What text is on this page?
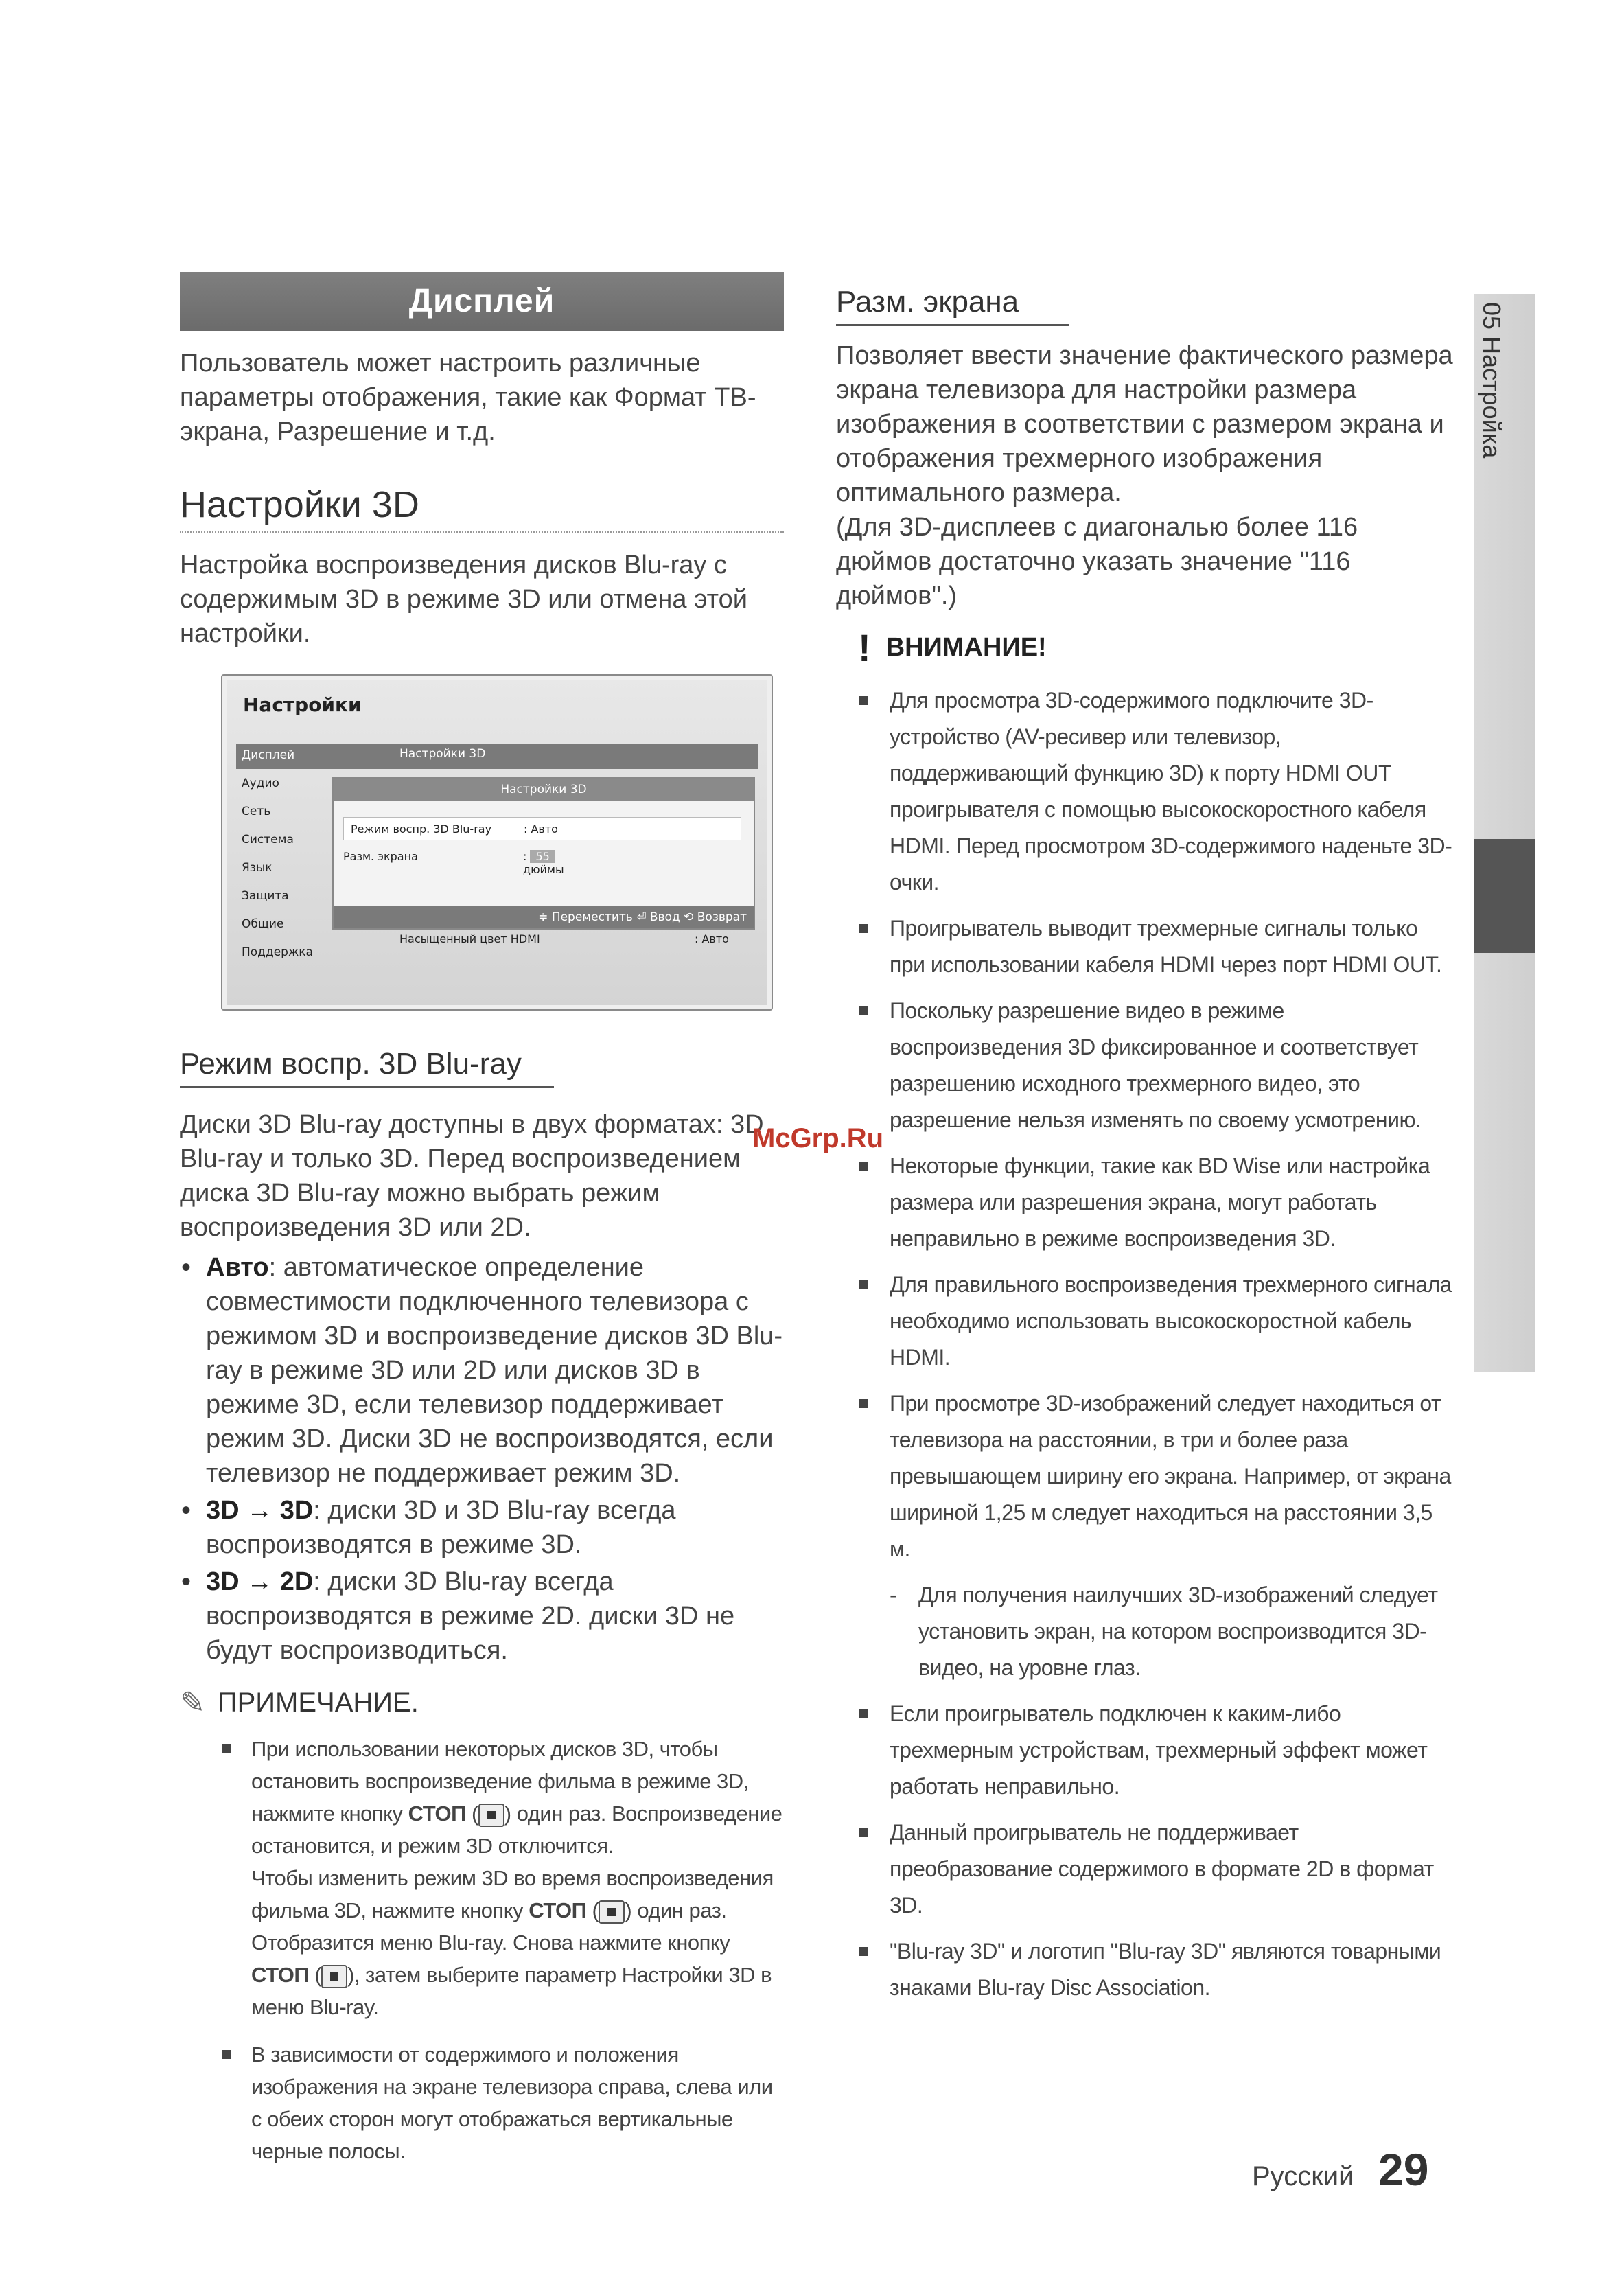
05 Настройка
Дисплей
Пользователь может настроить различные параметры отображения, такие как Формат ТВ-экрана, Разрешение и т.д.
Настройки 3D
Настройка воспроизведения дисков Blu-ray с содержимым 3D в режиме 3D или отмена этой настройки.
Настройки
Дисплей
Аудио
Сеть
Система
Язык
Защита
Общие
Поддержка
Настройки 3D
Настройки 3D
Режим воспр. 3D Blu-ray	: Авто
Разм. экрана	: 55дюймы
≑ Переместить ⏎ Ввод ⟲ Возврат
Насыщенный цвет HDMI	: Авто
Режим воспр. 3D Blu-ray
Диски 3D Blu-ray доступны в двух форматах: 3D Blu-ray и только 3D. Перед воспроизведением диска 3D Blu-ray можно выбрать режим воспроизведения 3D или 2D.
• Авто: автоматическое определение совместимости подключенного телевизора с режимом 3D и воспроизведение дисков 3D Blu-ray в режиме 3D или 2D или дисков 3D в режиме 3D, если телевизор поддерживает режим 3D. Диски 3D не воспроизводятся, если телевизор не поддерживает режим 3D.
• 3D → 3D: диски 3D и 3D Blu-ray всегда воспроизводятся в режиме 3D.
• 3D → 2D: диски 3D Blu-ray всегда воспроизводятся в режиме 2D. диски 3D не будут воспроизводиться.
✎ ПРИМЕЧАНИЕ.
При использовании некоторых дисков 3D, чтобы остановить воспроизведение фильма в режиме 3D, нажмите кнопку СТОП ( ) один раз. Воспроизведение остановится, и режим 3D отключится.
Чтобы изменить режим 3D во время воспроизведения фильма 3D, нажмите кнопку СТОП ( ) один раз. Отобразится меню Blu-ray. Снова нажмите кнопку СТОП ( ), затем выберите параметр Настройки 3D в меню Blu-ray.
В зависимости от содержимого и положения изображения на экране телевизора справа, слева или с обеих сторон могут отображаться вертикальные черные полосы.
Разм. экрана
Позволяет ввести значение фактического размера экрана телевизора для настройки размера изображения в соответствии с размером экрана и отображения трехмерного изображения оптимального размера.
(Для 3D-дисплеев с диагональю более 116 дюймов достаточно указать значение "116 дюймов".)
! ВНИМАНИЕ!
Для просмотра 3D-содержимого подключите 3D-устройство (AV-ресивер или телевизор, поддерживающий функцию 3D) к порту HDMI OUT проигрывателя с помощью высокоскоростного кабеля HDMI. Перед просмотром 3D-содержимого наденьте 3D-очки.
Проигрыватель выводит трехмерные сигналы только при использовании кабеля HDMI через порт HDMI OUT.
Поскольку разрешение видео в режиме воспроизведения 3D фиксированное и соответствует разрешению исходного трехмерного видео, это разрешение нельзя изменять по своему усмотрению.
Некоторые функции, такие как BD Wise или настройка размера или разрешения экрана, могут работать неправильно в режиме воспроизведения 3D.
Для правильного воспроизведения трехмерного сигнала необходимо использовать высокоскоростной кабель HDMI.
При просмотре 3D-изображений следует находиться от телевизора на расстоянии, в три и более раза превышающем ширину его экрана. Например, от экрана шириной 1,25 м следует находиться на расстоянии 3,5 м.
- Для получения наилучших 3D-изображений следует установить экран, на котором воспроизводится 3D-видео, на уровне глаз.
Если проигрыватель подключен к каким-либо трехмерным устройствам, трехмерный эффект может работать неправильно.
Данный проигрыватель не поддерживает преобразование содержимого в формате 2D в формат 3D.
"Blu-ray 3D" и логотип "Blu-ray 3D" являются товарными знаками Blu-ray Disc Association.
McGrp.Ru
Русский 29
